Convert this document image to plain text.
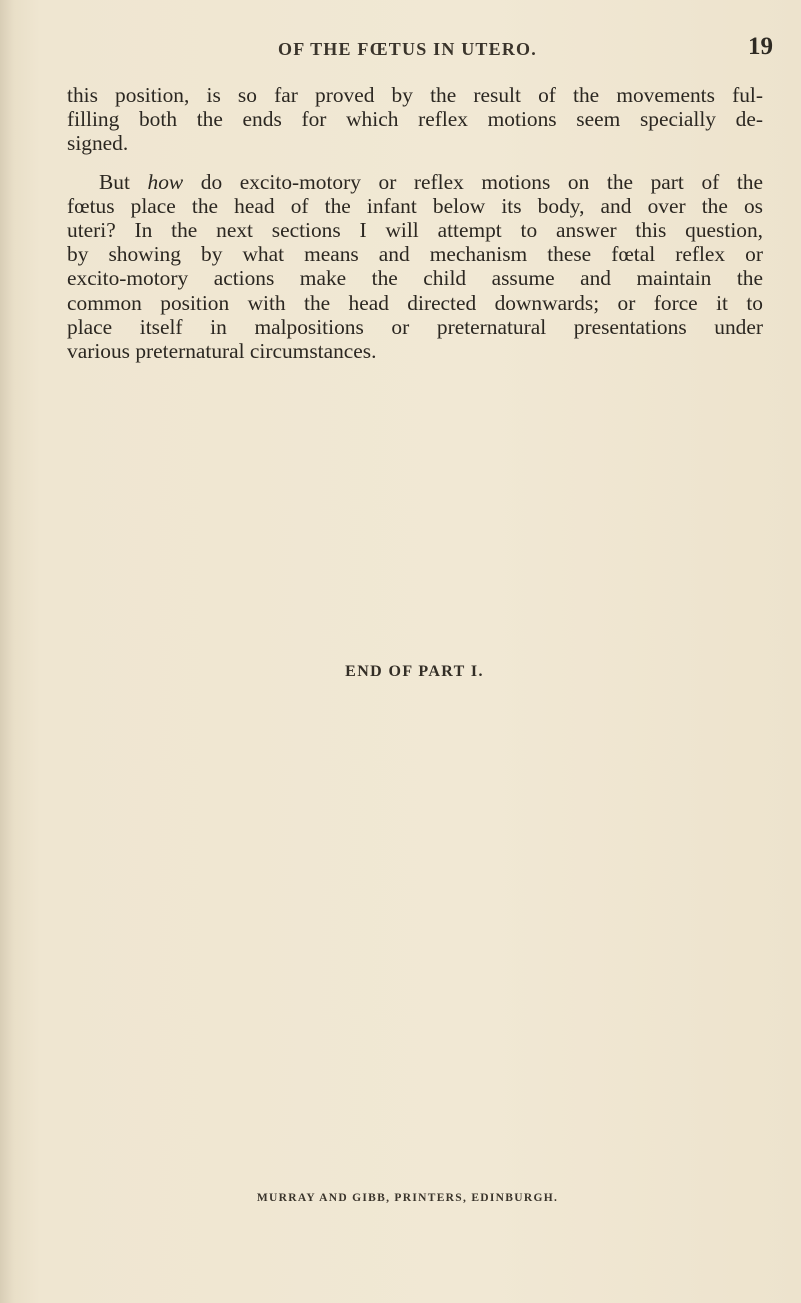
OF THE FŒTUS IN UTERO.	19

this position, is so far proved by the result of the movements ful-
filling both the ends for which reflex motions seem specially de-
signed.

But how do excito-motory or reflex motions on the part of the
fœtus place the head of the infant below its body, and over the os
uteri? In the next sections I will attempt to answer this question,
by showing by what means and mechanism these fœtal reflex or
excito-motory actions make the child assume and maintain the
common position with the head directed downwards; or force it to
place itself in malpositions or preternatural presentations under
various preternatural circumstances.

END OF PART I.
MURRAY AND GIBB, PRINTERS, EDINBURGH.
